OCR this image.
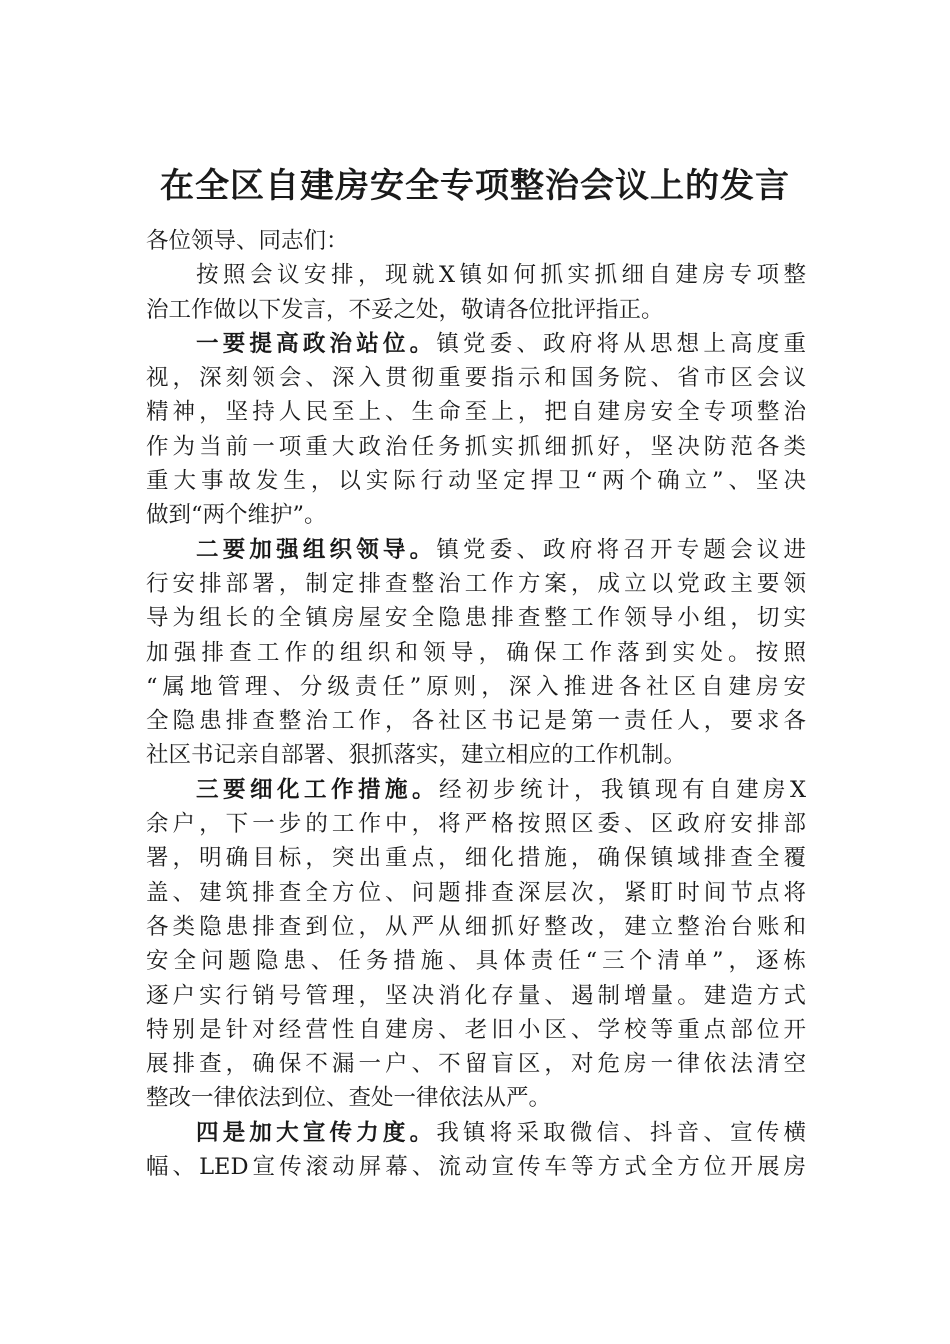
在全区自建房安全专项整治会议上的发言

各位领导、同志们：

按照会议安排，现就X镇如何抓实抓细自建房专项整

治工作做以下发言，不妥之处，敬请各位批评指正。

一要提高政治站位。镇党委、政府将从思想上高度重

视，深刻领会、深入贯彻重要指示和国务院、省市区会议

精神，坚持人民至上、生命至上，把自建房安全专项整治

作为当前一项重大政治任务抓实抓细抓好，坚决防范各类

重大事故发生，以实际行动坚定捍卫“两个确立”、坚决

做到“两个维护”。

二要加强组织领导。镇党委、政府将召开专题会议进

行安排部署，制定排查整治工作方案，成立以党政主要领

导为组长的全镇房屋安全隐患排查整工作领导小组，切实

加强排查工作的组织和领导，确保工作落到实处。按照

“属地管理、分级责任”原则，深入推进各社区自建房安

全隐患排查整治工作，各社区书记是第一责任人，要求各

社区书记亲自部署、狠抓落实，建立相应的工作机制。

三要细化工作措施。经初步统计，我镇现有自建房X

余户，下一步的工作中，将严格按照区委、区政府安排部

署，明确目标，突出重点，细化措施，确保镇域排查全覆

盖、建筑排查全方位、问题排查深层次，紧盯时间节点将

各类隐患排查到位，从严从细抓好整改，建立整治台账和

安全问题隐患、任务措施、具体责任“三个清单”，逐栋

逐户实行销号管理，坚决消化存量、遏制增量。建造方式

特别是针对经营性自建房、老旧小区、学校等重点部位开

展排查，确保不漏一户、不留盲区，对危房一律依法清空

整改一律依法到位、查处一律依法从严。

四是加大宣传力度。我镇将采取微信、抖音、宣传横

幅、LED宣传滚动屏幕、流动宣传车等方式全方位开展房
